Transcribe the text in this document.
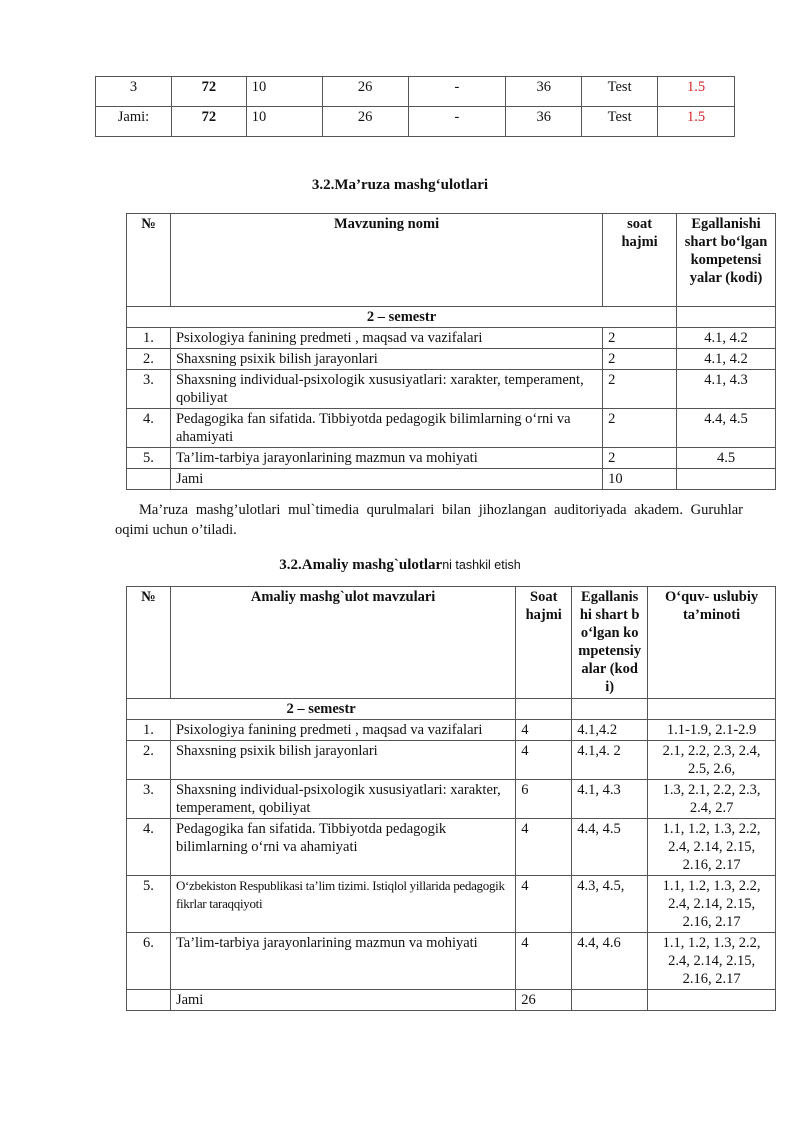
3	72	10	26	-	36	Test	1.5
Jami:	72	10	26	-	36	Test	1.5
3.2.Ma’ruza mashg‘ulotlari
№	Mavzuning nomi	soat hajmi	Egallanishi shart bo‘lgan kompetensi yalar (kodi)
2 – semestr			
1.	Psixologiya fanining predmeti , maqsad va vazifalari	2	4.1, 4.2
2.	Shaxsning psixik bilish jarayonlari	2	4.1, 4.2
3.	Shaxsning individual-psixologik xususiyatlari: xarakter, temperament, qobiliyat	2	4.1, 4.3
4.	Pedagogika fan sifatida. Tibbiyotda pedagogik bilimlarning o‘rni va ahamiyati	2	4.4, 4.5
5.	Ta’lim-tarbiya jarayonlarining mazmun va mohiyati	2	4.5
	Jami	10	
Ma’ruza mashg’ulotlari mul`timedia qurulmalari bilan jihozlangan auditoriyada akadem. Guruhlar oqimi uchun o’tiladi.
3.2.Amaliy mashg`ulotlarni tashkil etish
№	Amaliy mashg`ulot mavzulari	Soat hajmi	Egallanishi shart bo‘lgan kompetensiyalar (kodi)	O‘quv- uslubiy ta’minoti
2 – semestr				
1.	Psixologiya fanining predmeti , maqsad va vazifalari	4	4.1,4.2	1.1-1.9, 2.1-2.9
2.	Shaxsning psixik bilish jarayonlari	4	4.1,4. 2	2.1, 2.2, 2.3, 2.4, 2.5, 2.6,
3.	Shaxsning individual-psixologik xususiyatlari: xarakter, temperament, qobiliyat	6	4.1, 4.3	1.3, 2.1, 2.2, 2.3, 2.4, 2.7
4.	Pedagogika fan sifatida. Tibbiyotda pedagogik bilimlarning o‘rni va ahamiyati	4	4.4, 4.5	1.1, 1.2, 1.3, 2.2, 2.4, 2.14, 2.15, 2.16, 2.17
5.	O‘zbekiston Respublikasi ta’lim tizimi. Istiqlol yillarida pedagogik fikrlar taraqqiyoti	4	4.3, 4.5,	1.1, 1.2, 1.3, 2.2, 2.4, 2.14, 2.15, 2.16, 2.17
6.	Ta’lim-tarbiya jarayonlarining mazmun va mohiyati	4	4.4, 4.6	1.1, 1.2, 1.3, 2.2, 2.4, 2.14, 2.15, 2.16, 2.17
	Jami	26		
